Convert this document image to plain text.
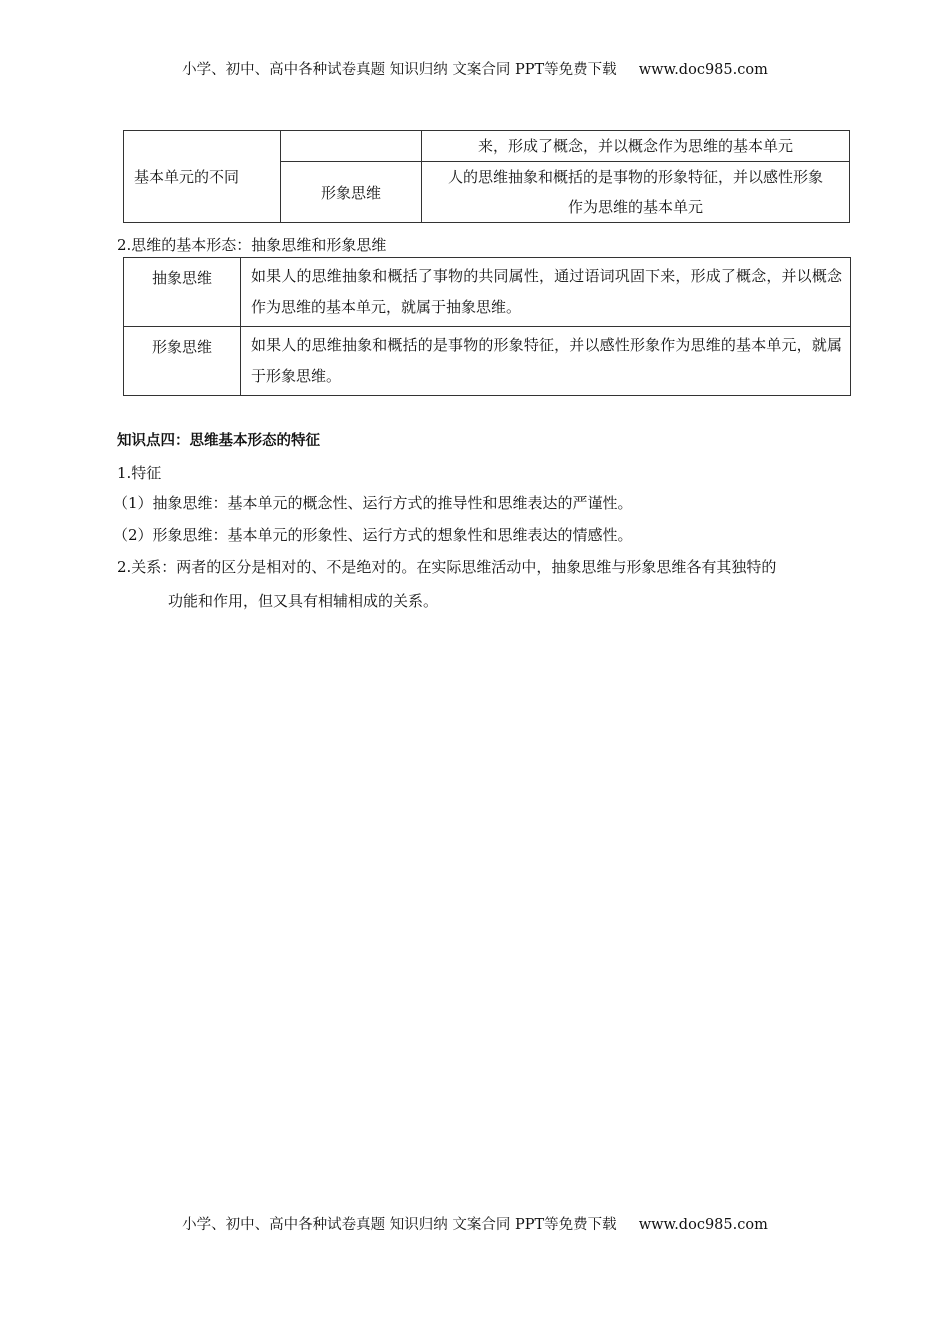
小学、初中、高中各种试卷真题 知识归纳 文案合同 PPT等免费下载 www.doc985.com
基本单元的不同		来，形成了概念，并以概念作为思维的基本单元
	形象思维	人的思维抽象和概括的是事物的形象特征，并以感性形象
作为思维的基本单元
2.思维的基本形态：抽象思维和形象思维
抽象思维	如果人的思维抽象和概括了事物的共同属性，通过语词巩固下来，形成了概念，并以概念作为思维的基本单元，就属于抽象思维。
形象思维	如果人的思维抽象和概括的是事物的形象特征，并以感性形象作为思维的基本单元，就属于形象思维。
知识点四：思维基本形态的特征
1.特征
（1）抽象思维：基本单元的概念性、运行方式的推导性和思维表达的严谨性。
（2）形象思维：基本单元的形象性、运行方式的想象性和思维表达的情感性。
2.关系：两者的区分是相对的、不是绝对的。在实际思维活动中，抽象思维与形象思维各有其独特的
功能和作用，但又具有相辅相成的关系。
小学、初中、高中各种试卷真题 知识归纳 文案合同 PPT等免费下载 www.doc985.com
